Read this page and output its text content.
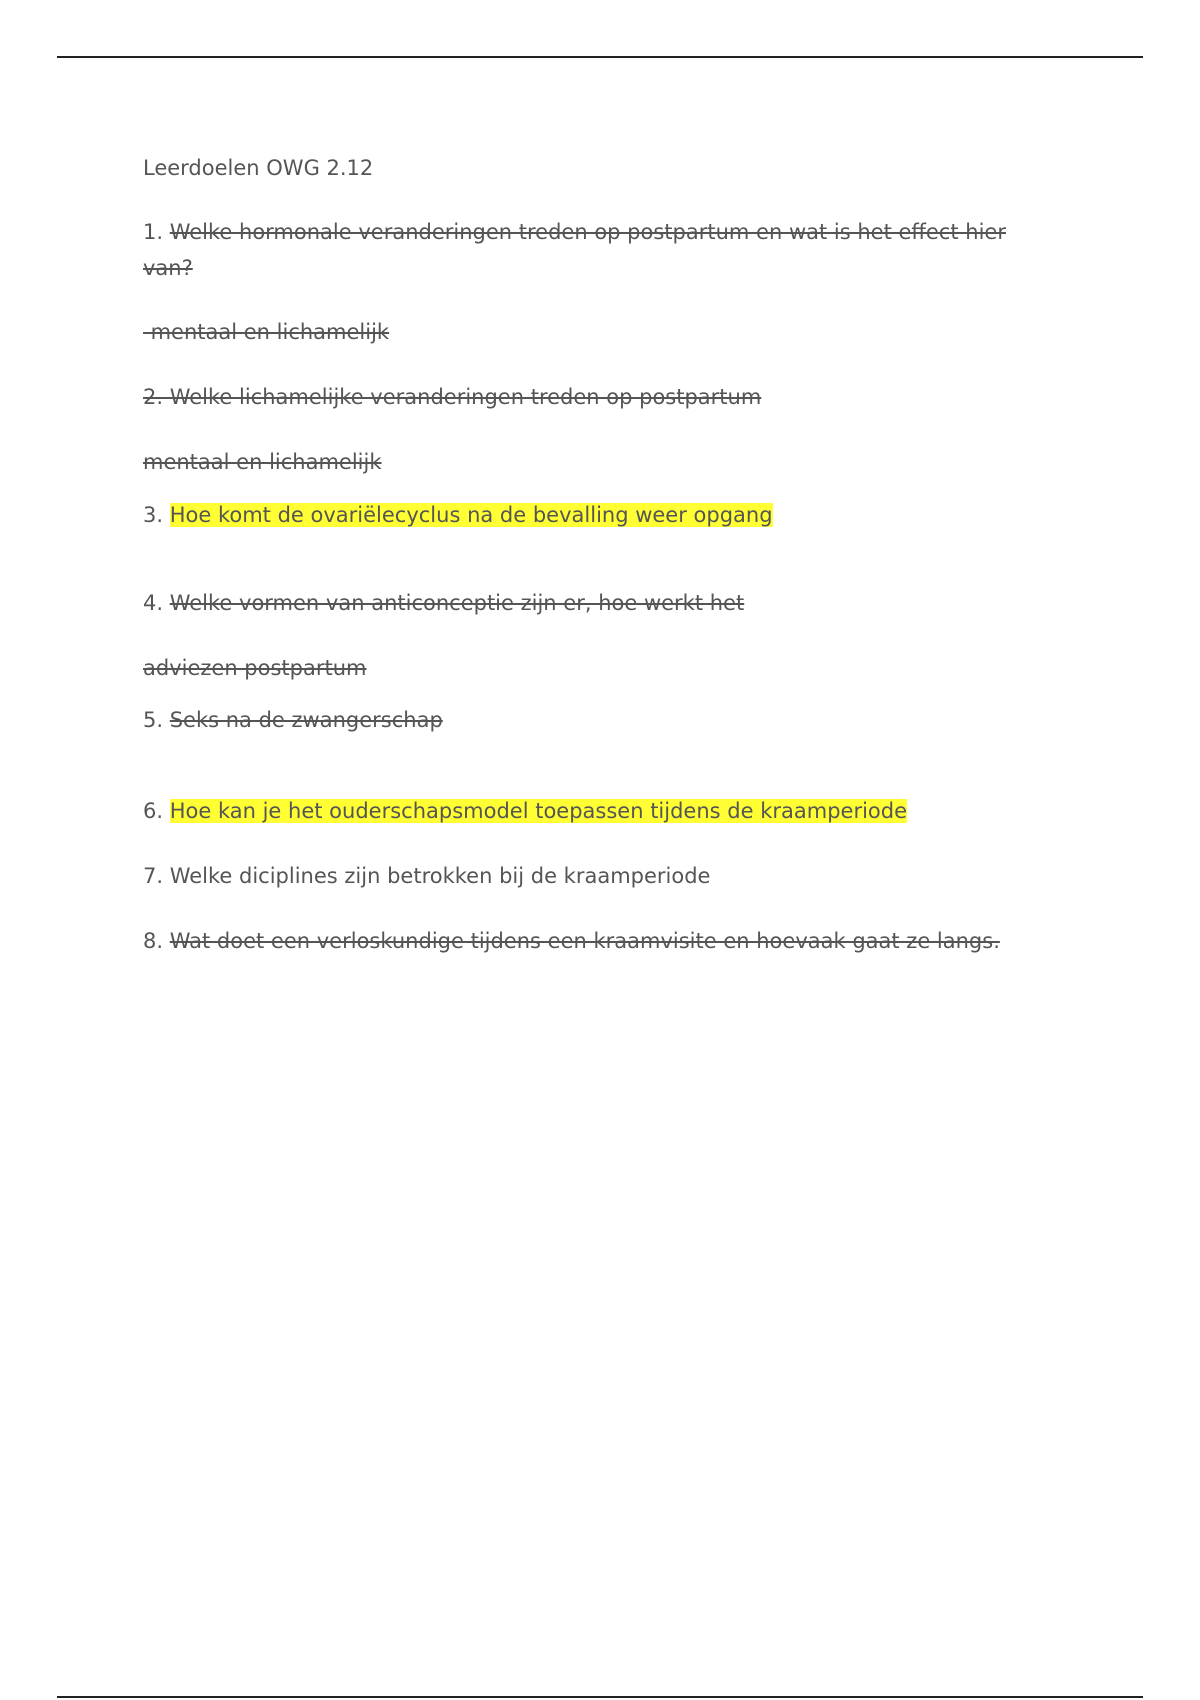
Leerdoelen OWG 2.12
1. Welke hormonale veranderingen treden op postpartum en wat is het effect hier van?
-mentaal en lichamelijk
2. Welke lichamelijke veranderingen treden op postpartum
mentaal en lichamelijk
3. Hoe komt de ovariëlecyclus na de bevalling weer opgang
4. Welke vormen van anticonceptie zijn er, hoe werkt het
adviezen postpartum
5. Seks na de zwangerschap
6. Hoe kan je het ouderschapsmodel toepassen tijdens de kraamperiode
7. Welke diciplines zijn betrokken bij de kraamperiode
8. Wat doet een verloskundige tijdens een kraamvisite en hoevaak gaat ze langs.
